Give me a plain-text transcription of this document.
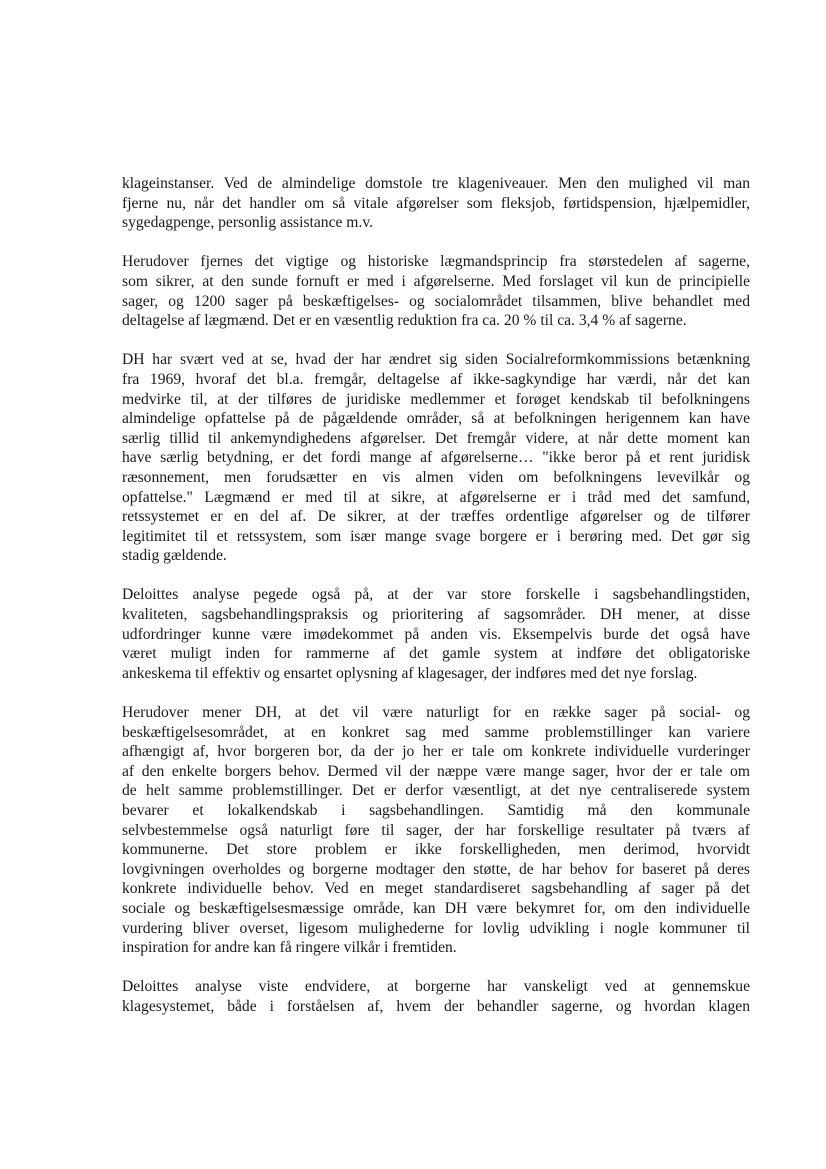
klageinstanser. Ved de almindelige domstole tre klageniveauer. Men den mulighed vil man
fjerne nu, når det handler om så vitale afgørelser som fleksjob, førtidspension, hjælpemidler,
sygedagpenge, personlig assistance m.v.
Herudover fjernes det vigtige og historiske lægmandsprincip fra størstedelen af sagerne,
som sikrer, at den sunde fornuft er med i afgørelserne. Med forslaget vil kun de principielle
sager, og 1200 sager på beskæftigelses- og socialområdet tilsammen, blive behandlet med
deltagelse af lægmænd. Det er en væsentlig reduktion fra ca. 20 % til ca. 3,4 % af sagerne.
DH har svært ved at se, hvad der har ændret sig siden Socialreformkommissions betænkning
fra 1969, hvoraf det bl.a. fremgår, deltagelse af ikke-sagkyndige har værdi, når det kan
medvirke til, at der tilføres de juridiske medlemmer et forøget kendskab til befolkningens
almindelige opfattelse på de pågældende områder, så at befolkningen herigennem kan have
særlig tillid til ankemyndighedens afgørelser. Det fremgår videre, at når dette moment kan
have særlig betydning, er det fordi mange af afgørelserne… "ikke beror på et rent juridisk
ræsonnement, men forudsætter en vis almen viden om befolkningens levevilkår og
opfattelse." Lægmænd er med til at sikre, at afgørelserne er i tråd med det samfund,
retssystemet er en del af. De sikrer, at der træffes ordentlige afgørelser og de tilfører
legitimitet til et retssystem, som især mange svage borgere er i berøring med. Det gør sig
stadig gældende.
Deloittes analyse pegede også på, at der var store forskelle i sagsbehandlingstiden,
kvaliteten, sagsbehandlingspraksis og prioritering af sagsområder. DH mener, at disse
udfordringer kunne være imødekommet på anden vis. Eksempelvis burde det også have
været muligt inden for rammerne af det gamle system at indføre det obligatoriske
ankeskema til effektiv og ensartet oplysning af klagesager, der indføres med det nye forslag.
Herudover mener DH, at det vil være naturligt for en række sager på social- og
beskæftigelsesområdet, at en konkret sag med samme problemstillinger kan variere
afhængigt af, hvor borgeren bor, da der jo her er tale om konkrete individuelle vurderinger
af den enkelte borgers behov. Dermed vil der næppe være mange sager, hvor der er tale om
de helt samme problemstillinger. Det er derfor væsentligt, at det nye centraliserede system
bevarer et lokalkendskab i sagsbehandlingen. Samtidig må den kommunale
selvbestemmelse også naturligt føre til sager, der har forskellige resultater på tværs af
kommunerne. Det store problem er ikke forskelligheden, men derimod, hvorvidt
lovgivningen overholdes og borgerne modtager den støtte, de har behov for baseret på deres
konkrete individuelle behov. Ved en meget standardiseret sagsbehandling af sager på det
sociale og beskæftigelsesmæssige område, kan DH være bekymret for, om den individuelle
vurdering bliver overset, ligesom mulighederne for lovlig udvikling i nogle kommuner til
inspiration for andre kan få ringere vilkår i fremtiden.
Deloittes analyse viste endvidere, at borgerne har vanskeligt ved at gennemskue
klagesystemet, både i forståelsen af, hvem der behandler sagerne, og hvordan klagen
